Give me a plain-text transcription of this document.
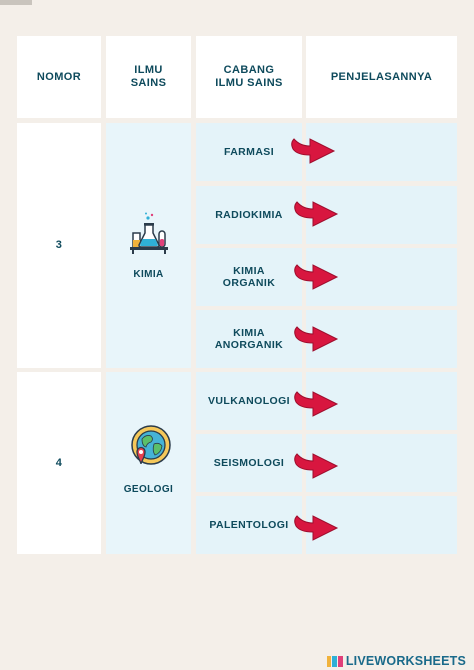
NOMOR
ILMU SAINS
CABANG ILMU SAINS
PENJELASANNYA
3
KIMIA
FARMASI
RADIOKIMIA
KIMIA ORGANIK
KIMIA ANORGANIK
4
GEOLOGI
VULKANOLOGI
SEISMOLOGI
PALENTOLOGI
LIVEWORKSHEETS
